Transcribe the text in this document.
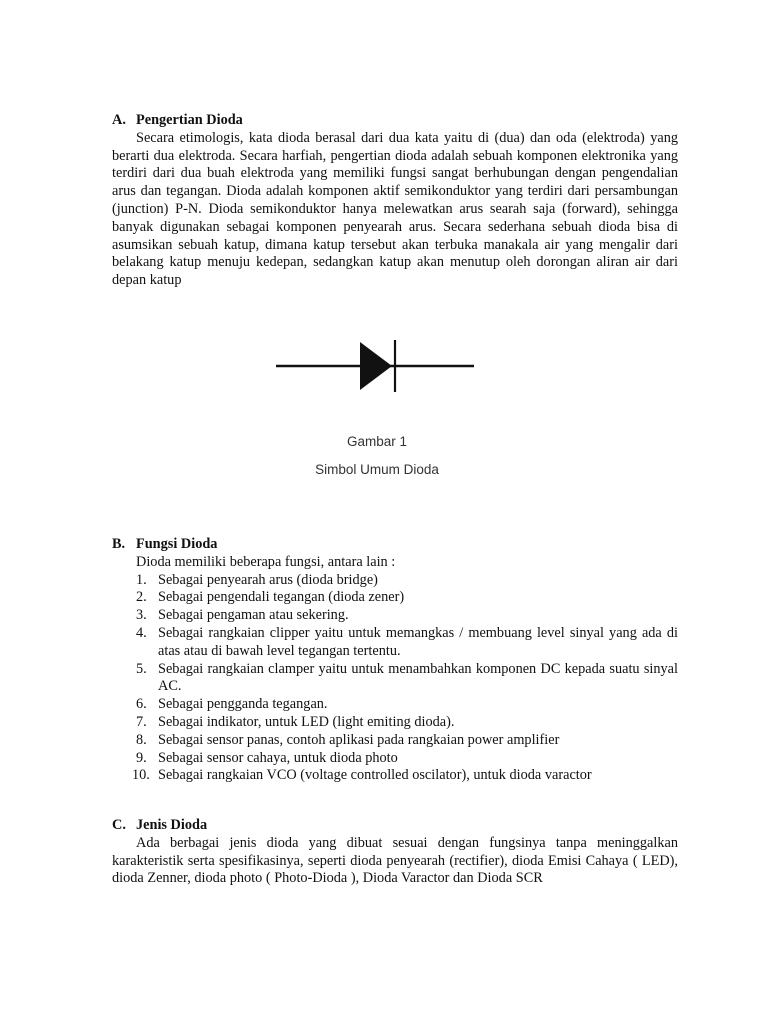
A. Pengertian Dioda
Secara etimologis, kata dioda berasal dari dua kata yaitu di (dua) dan oda (elektroda) yang berarti dua elektroda. Secara harfiah, pengertian dioda adalah sebuah komponen elektronika yang terdiri dari dua buah elektroda yang memiliki fungsi sangat berhubungan dengan pengendalian arus dan tegangan. Dioda adalah komponen aktif semikonduktor yang terdiri dari persambungan (junction) P-N. Dioda semikonduktor hanya melewatkan arus searah saja (forward), sehingga banyak digunakan sebagai komponen penyearah arus. Secara sederhana sebuah dioda bisa di asumsikan sebuah katup, dimana katup tersebut akan terbuka manakala air yang mengalir dari belakang katup menuju kedepan, sedangkan katup akan menutup oleh dorongan aliran air dari depan katup
Gambar 1
Simbol Umum Dioda
B. Fungsi Dioda
Dioda memiliki beberapa fungsi, antara lain :
1. Sebagai penyearah arus (dioda bridge)
2. Sebagai pengendali tegangan (dioda zener)
3. Sebagai pengaman atau sekering.
4. Sebagai rangkaian clipper yaitu untuk memangkas / membuang level sinyal yang ada di atas atau di bawah level tegangan tertentu.
5. Sebagai rangkaian clamper yaitu untuk menambahkan komponen DC kepada suatu sinyal AC.
6. Sebagai pengganda tegangan.
7. Sebagai indikator, untuk LED (light emiting dioda).
8. Sebagai sensor panas, contoh aplikasi pada rangkaian power amplifier
9. Sebagai sensor cahaya, untuk dioda photo
10. Sebagai rangkaian VCO (voltage controlled oscilator), untuk dioda varactor
C. Jenis Dioda
Ada berbagai jenis dioda yang dibuat sesuai dengan fungsinya tanpa meninggalkan karakteristik serta spesifikasinya, seperti dioda penyearah (rectifier), dioda Emisi Cahaya ( LED), dioda Zenner, dioda photo ( Photo-Dioda ), Dioda Varactor dan Dioda SCR
